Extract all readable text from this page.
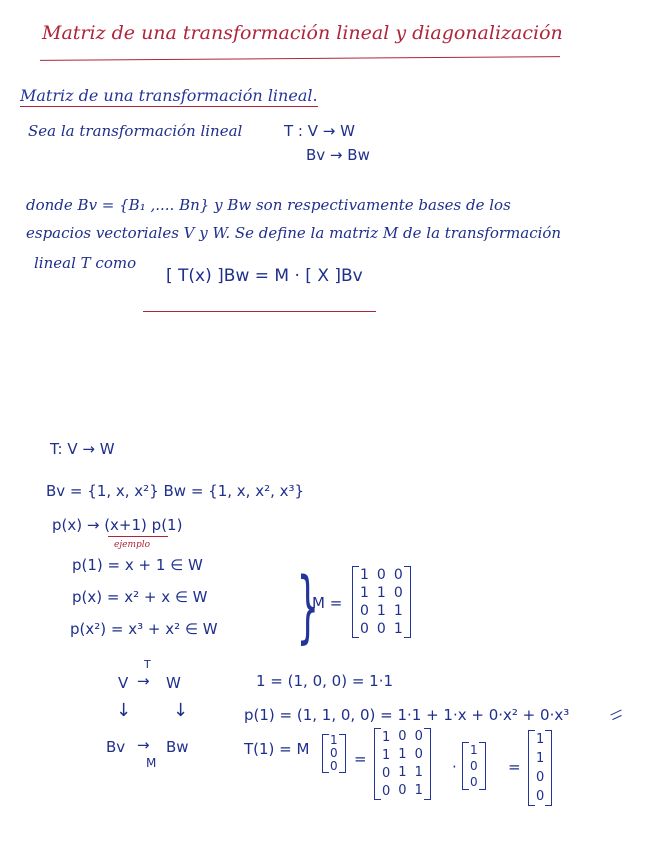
Matriz de una transformación lineal y diagonalización
Matriz de una transformación lineal.
Sea la transformación lineal	T : V → W
Bv → Bw
donde Bv = {B₁ ,.... Bn} y Bw son respectivamente bases de los
espacios vectoriales V y W. Se define la matriz M de la transformación
lineal T como
[ T(x) ]Bw = M · [ X ]Bv
T: V → W
Bv = {1, x, x²} Bw = {1, x, x², x³}
p(x) → (x+1) p(1)
ejemplo
p(1) = x + 1 ∈ W
p(x) = x² + x ∈ W
p(x²) = x³ + x² ∈ W }
M =
1	0	0
1	1	0
0	1	1
0	0	1
V
T
→ W
↓ ↓
Bv → Bw
M
1 = (1, 0, 0) = 1·1
p(1) = (1, 1, 0, 0) = 1·1 + 1·x + 0·x² + 0·x³
T(1) = M 1
0
0 =
1	0	0
1	1	0
0	1	1
0	0	1
·
1
0
0
=
1
1
0
0
